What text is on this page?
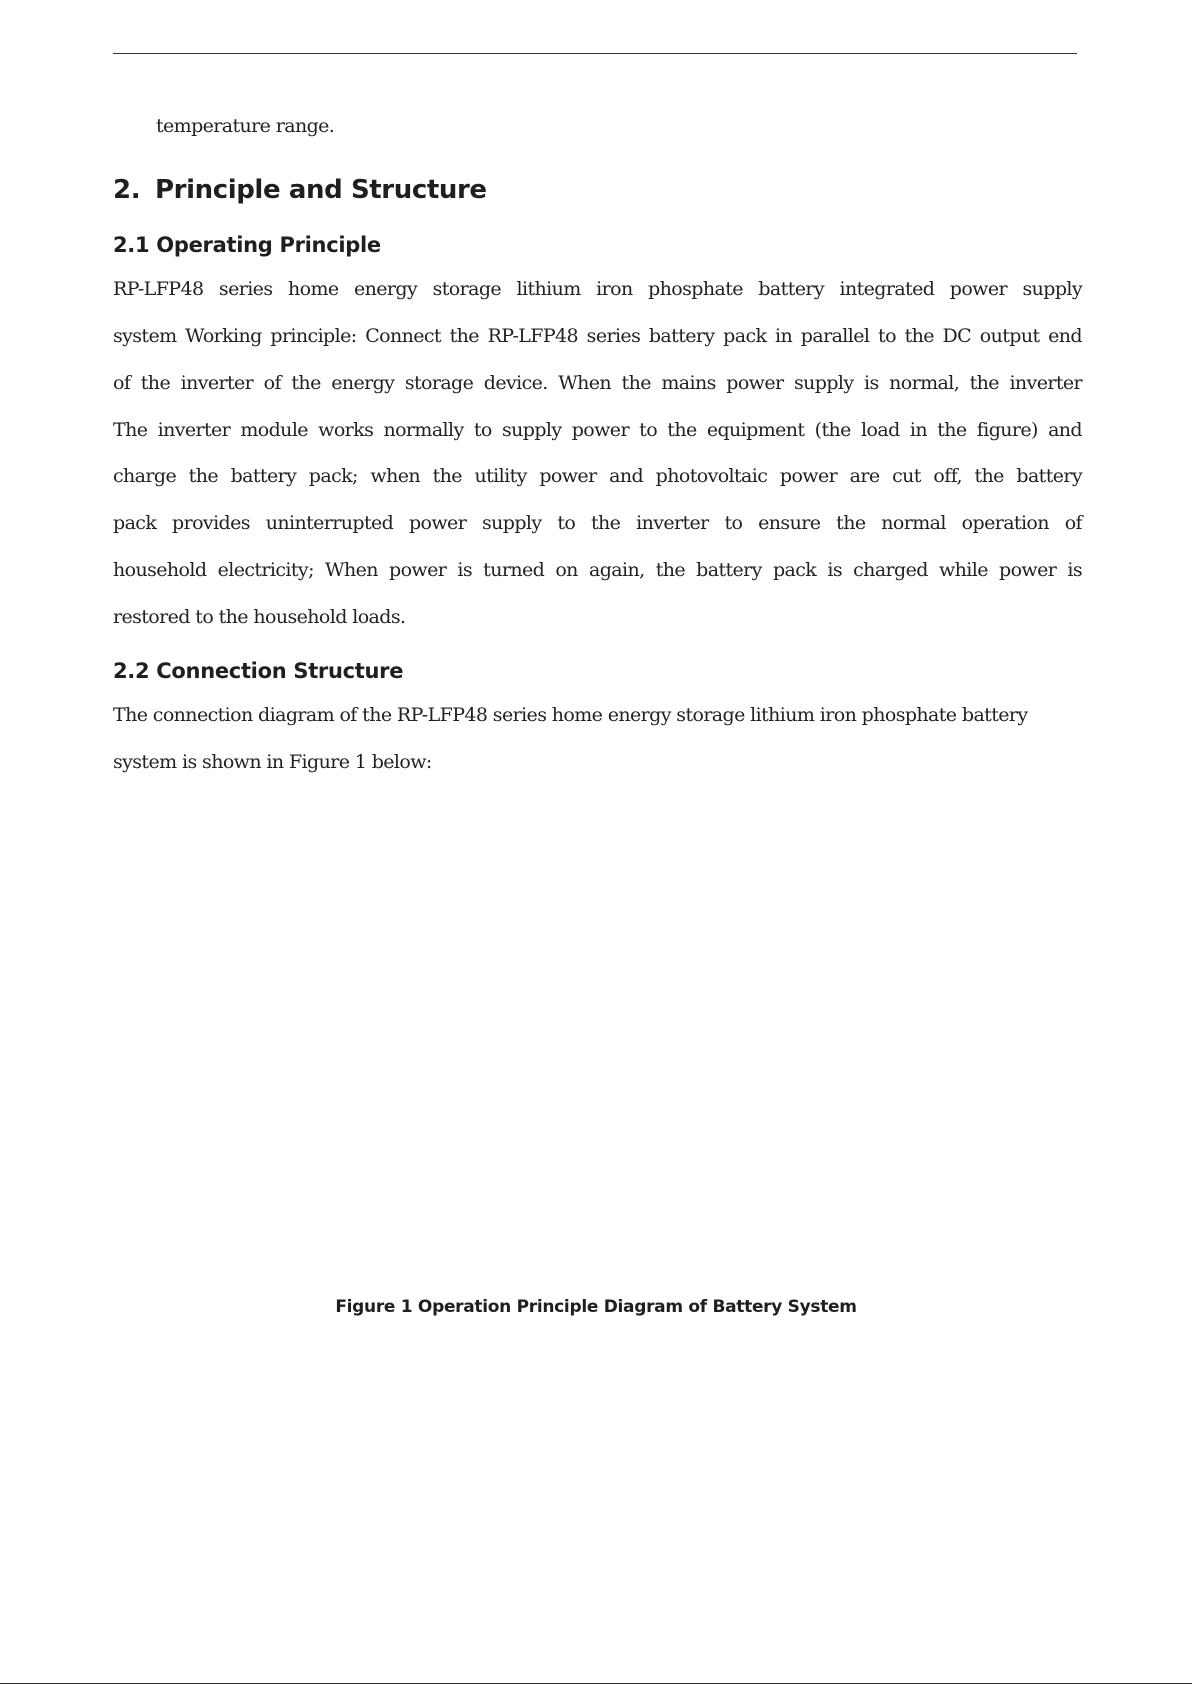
temperature range.
2. Principle and Structure
2.1 Operating Principle
RP-LFP48 series home energy storage lithium iron phosphate battery integrated power supply
system Working principle: Connect the RP-LFP48 series battery pack in parallel to the DC output end
of the inverter of the energy storage device. When the mains power supply is normal, the inverter
The inverter module works normally to supply power to the equipment (the load in the figure) and
charge the battery pack; when the utility power and photovoltaic power are cut off, the battery
pack provides uninterrupted power supply to the inverter to ensure the normal operation of
household electricity; When power is turned on again, the battery pack is charged while power is
restored to the household loads.
2.2 Connection Structure
The connection diagram of the RP-LFP48 series home energy storage lithium iron phosphate battery
system is shown in Figure 1 below:
Figure 1 Operation Principle Diagram of Battery System
